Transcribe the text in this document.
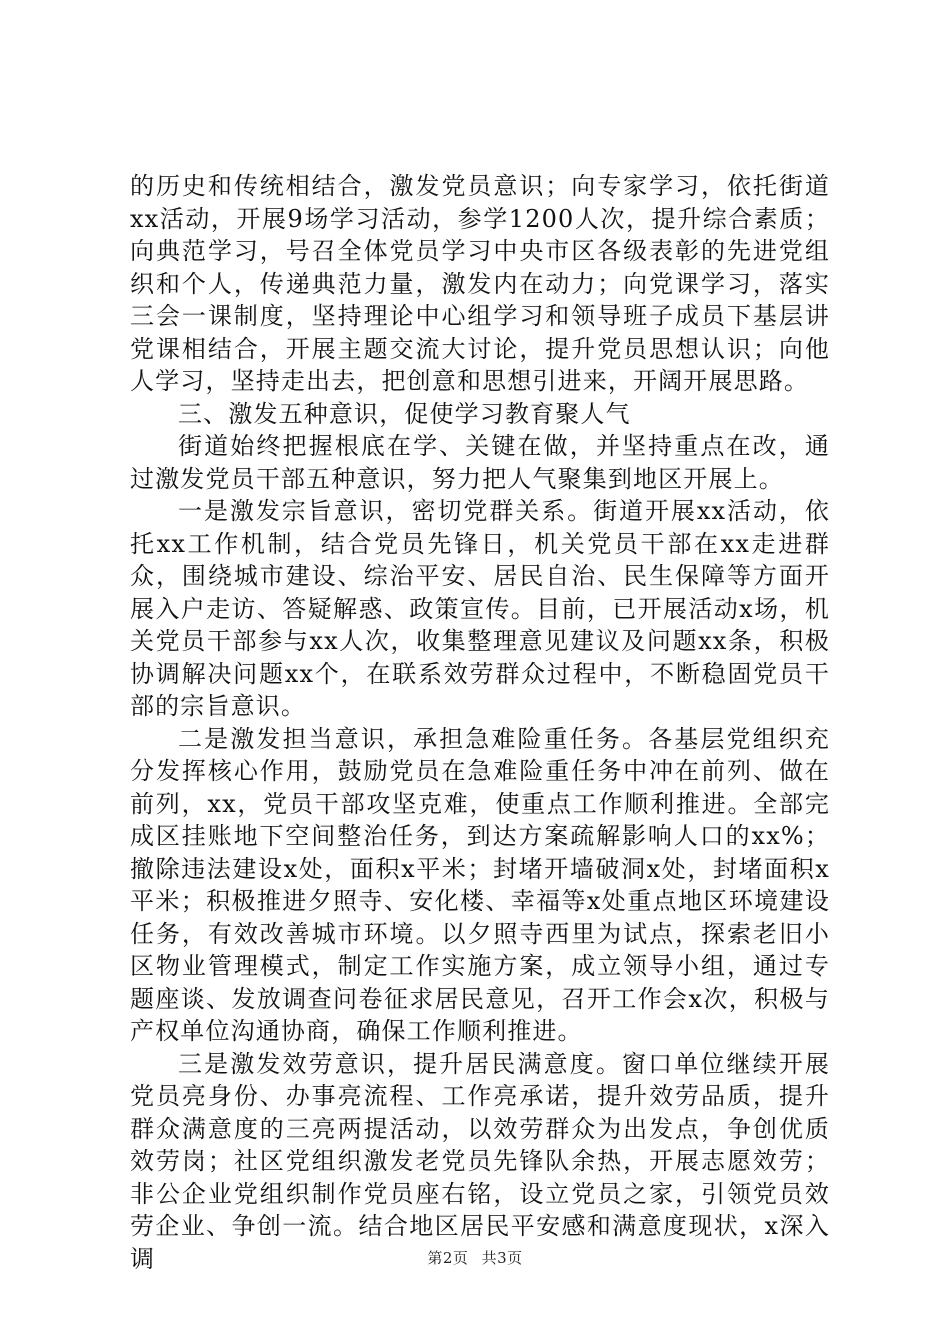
的历史和传统相结合，激发党员意识；向专家学习，依托街道xx活动，开展9场学习活动，参学1200人次，提升综合素质；向典范学习，号召全体党员学习中央市区各级表彰的先进党组织和个人，传递典范力量，激发内在动力；向党课学习，落实三会一课制度，坚持理论中心组学习和领导班子成员下基层讲党课相结合，开展主题交流大讨论，提升党员思想认识；向他人学习，坚持走出去，把创意和思想引进来，开阔开展思路。

三、激发五种意识，促使学习教育聚人气

街道始终把握根底在学、关键在做，并坚持重点在改，通过激发党员干部五种意识，努力把人气聚集到地区开展上。

一是激发宗旨意识，密切党群关系。街道开展xx活动，依托xx工作机制，结合党员先锋日，机关党员干部在xx走进群众，围绕城市建设、综治平安、居民自治、民生保障等方面开展入户走访、答疑解惑、政策宣传。目前，已开展活动x场，机关党员干部参与xx人次，收集整理意见建议及问题xx条，积极协调解决问题xx个，在联系效劳群众过程中，不断稳固党员干部的宗旨意识。

二是激发担当意识，承担急难险重任务。各基层党组织充分发挥核心作用，鼓励党员在急难险重任务中冲在前列、做在前列，xx，党员干部攻坚克难，使重点工作顺利推进。全部完成区挂账地下空间整治任务，到达方案疏解影响人口的xx%；撤除违法建设x处，面积x平米；封堵开墙破洞x处，封堵面积x平米；积极推进夕照寺、安化楼、幸福等x处重点地区环境建设任务，有效改善城市环境。以夕照寺西里为试点，探索老旧小区物业管理模式，制定工作实施方案，成立领导小组，通过专题座谈、发放调查问卷征求居民意见，召开工作会x次，积极与产权单位沟通协商，确保工作顺利推进。

三是激发效劳意识，提升居民满意度。窗口单位继续开展党员亮身份、办事亮流程、工作亮承诺，提升效劳品质，提升群众满意度的三亮两提活动，以效劳群众为出发点，争创优质效劳岗；社区党组织激发老党员先锋队余热，开展志愿效劳；非公企业党组织制作党员座右铭，设立党员之家，引领党员效劳企业、争创一流。结合地区居民平安感和满意度现状，x深入调	第2页 共3页
